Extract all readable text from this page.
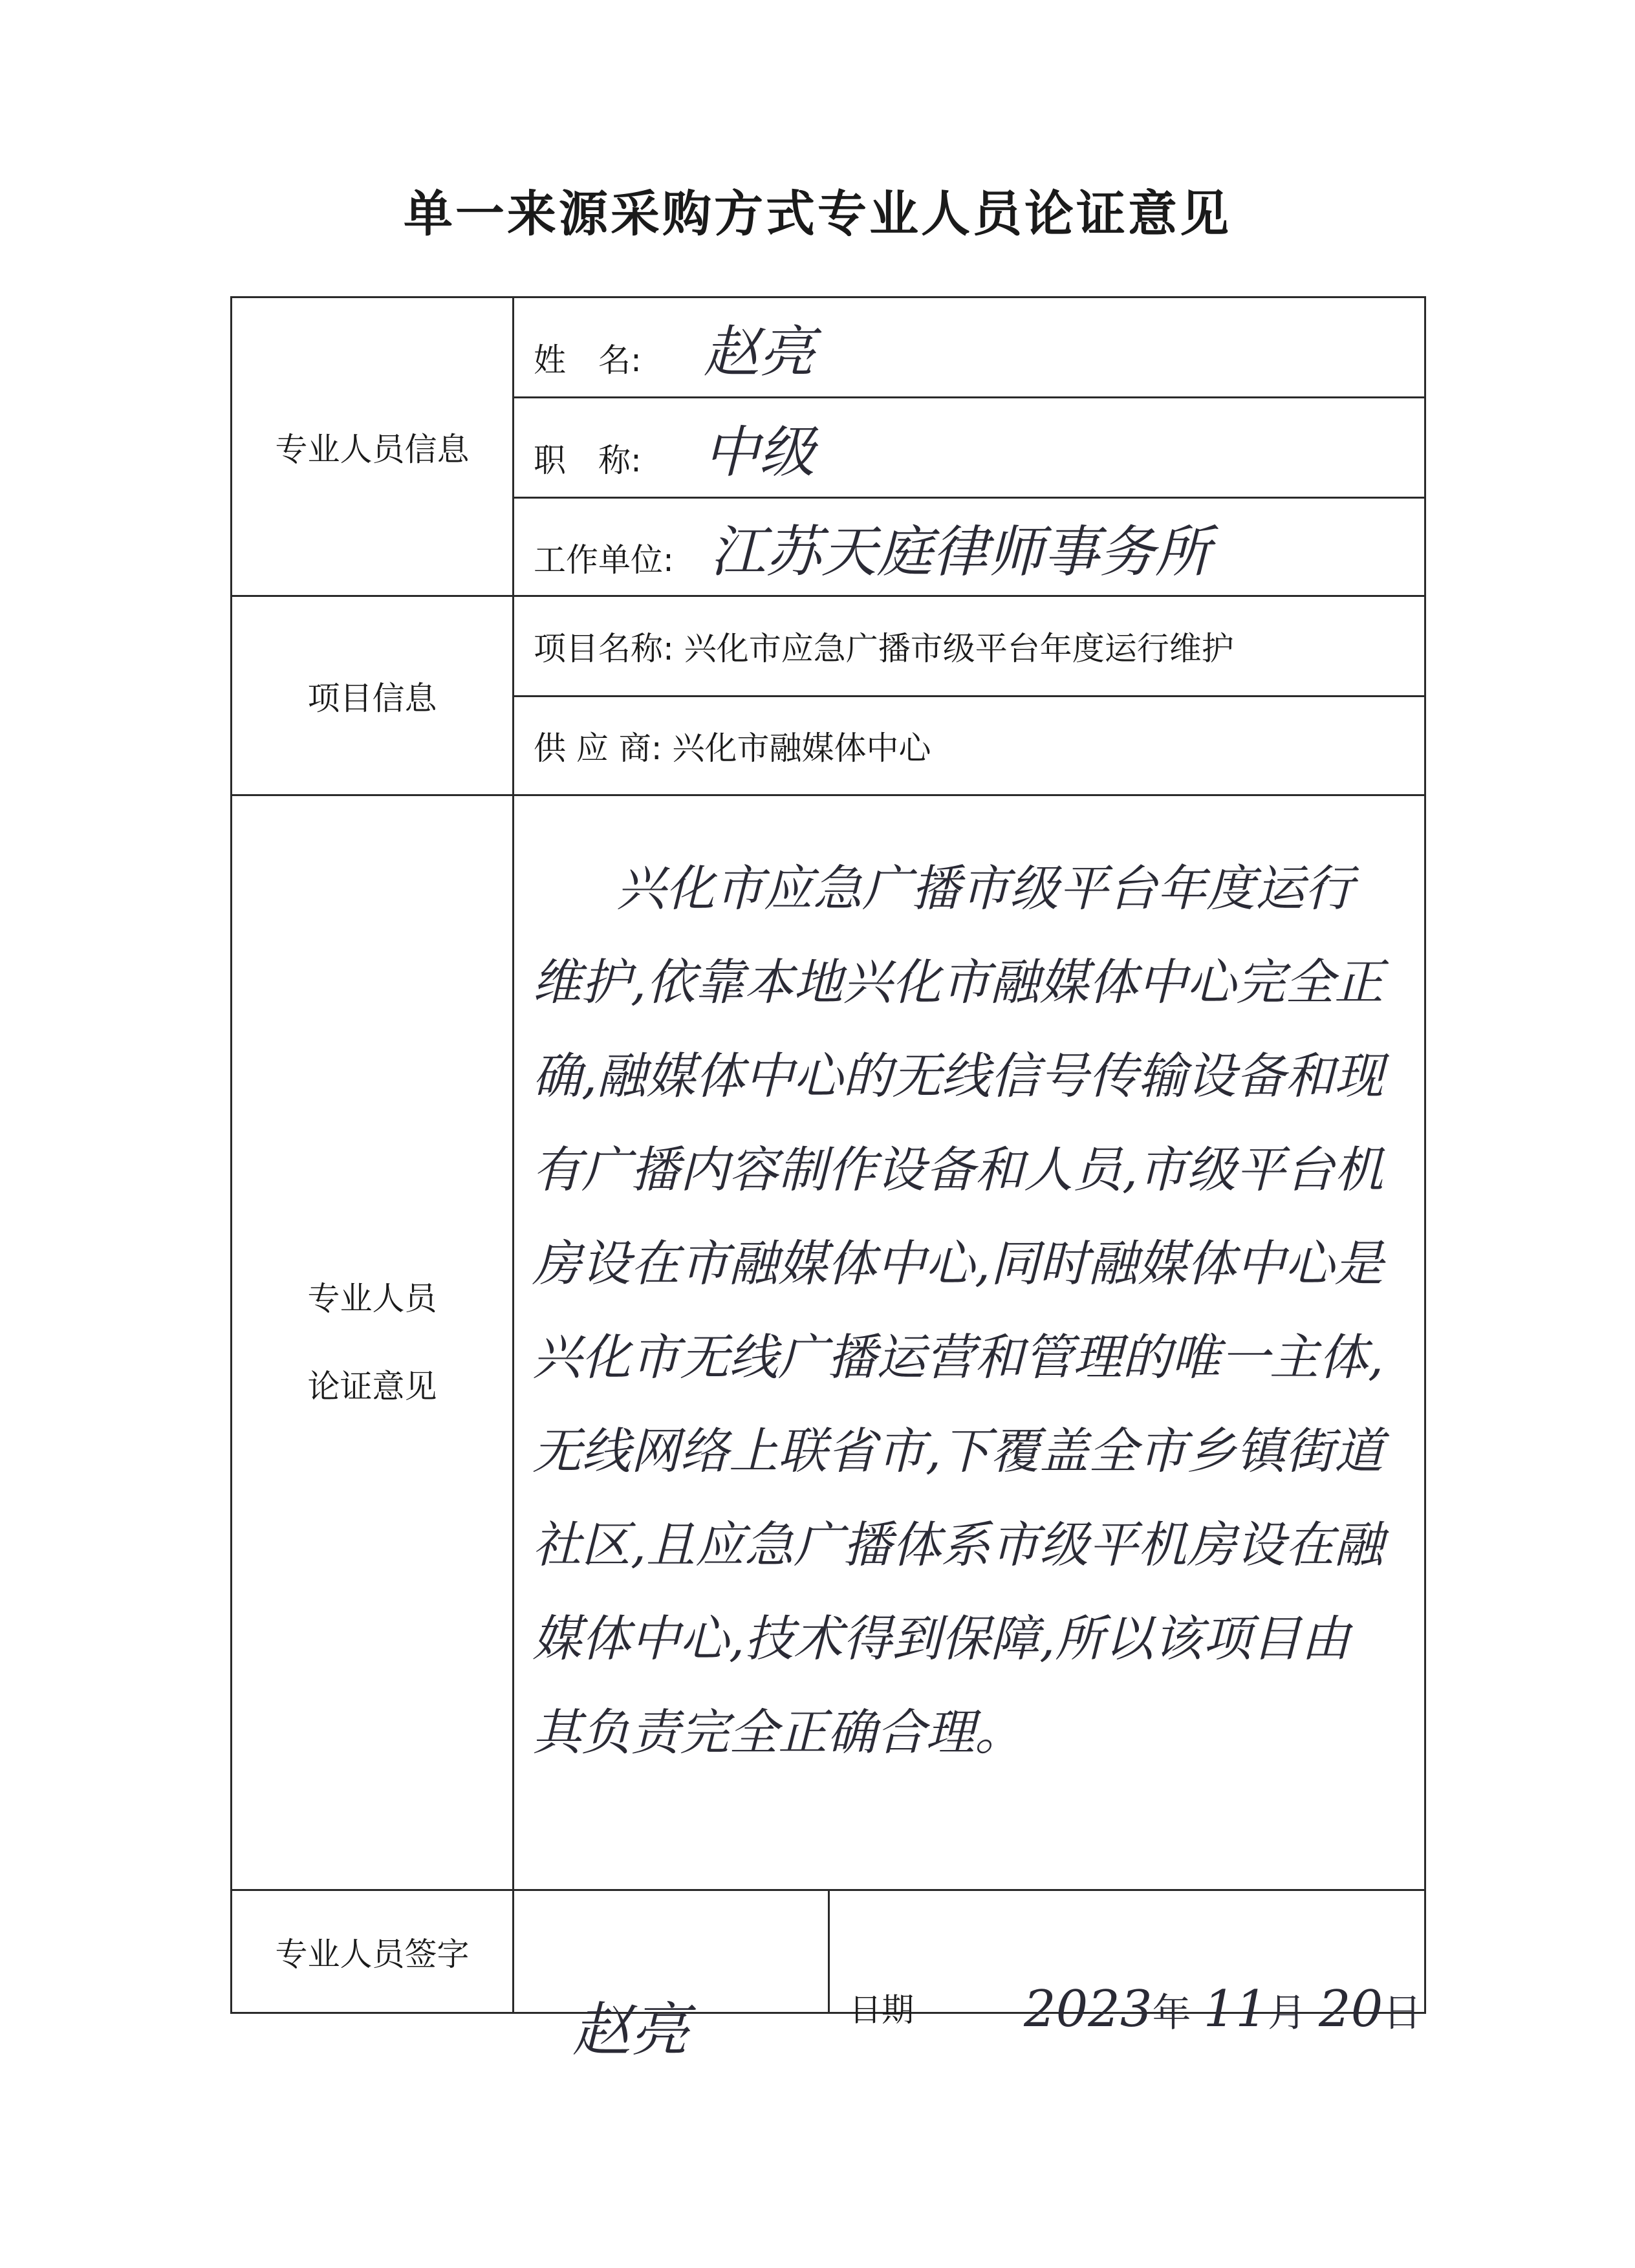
单一来源采购方式专业人员论证意见
专业人员信息	姓　名: 赵亮	
	职　称: 中级	
	工作单位: 江苏天庭律师事务所	
项目信息	项目名称: 兴化市应急广播市级平台年度运行维护	
	供 应 商: 兴化市融媒体中心	

专业人员
论证意见	兴化市应急广播市级平台年度运行维护,依靠本地兴化市融媒体中心完全正确,融媒体中心的无线信号传输设备和现有广播内容制作设备和人员,市级平台机房设在市融媒体中心,同时融媒体中心是兴化市无线广播运营和管理的唯一主体,无线网络上联省市,下覆盖全市乡镇街道社区,且应急广播体系市级平机房设在融媒体中心,技术得到保障,所以该项目由其负责完全正确合理。	

专业人员签字	赵亮	日期 2023年 11月 20日
